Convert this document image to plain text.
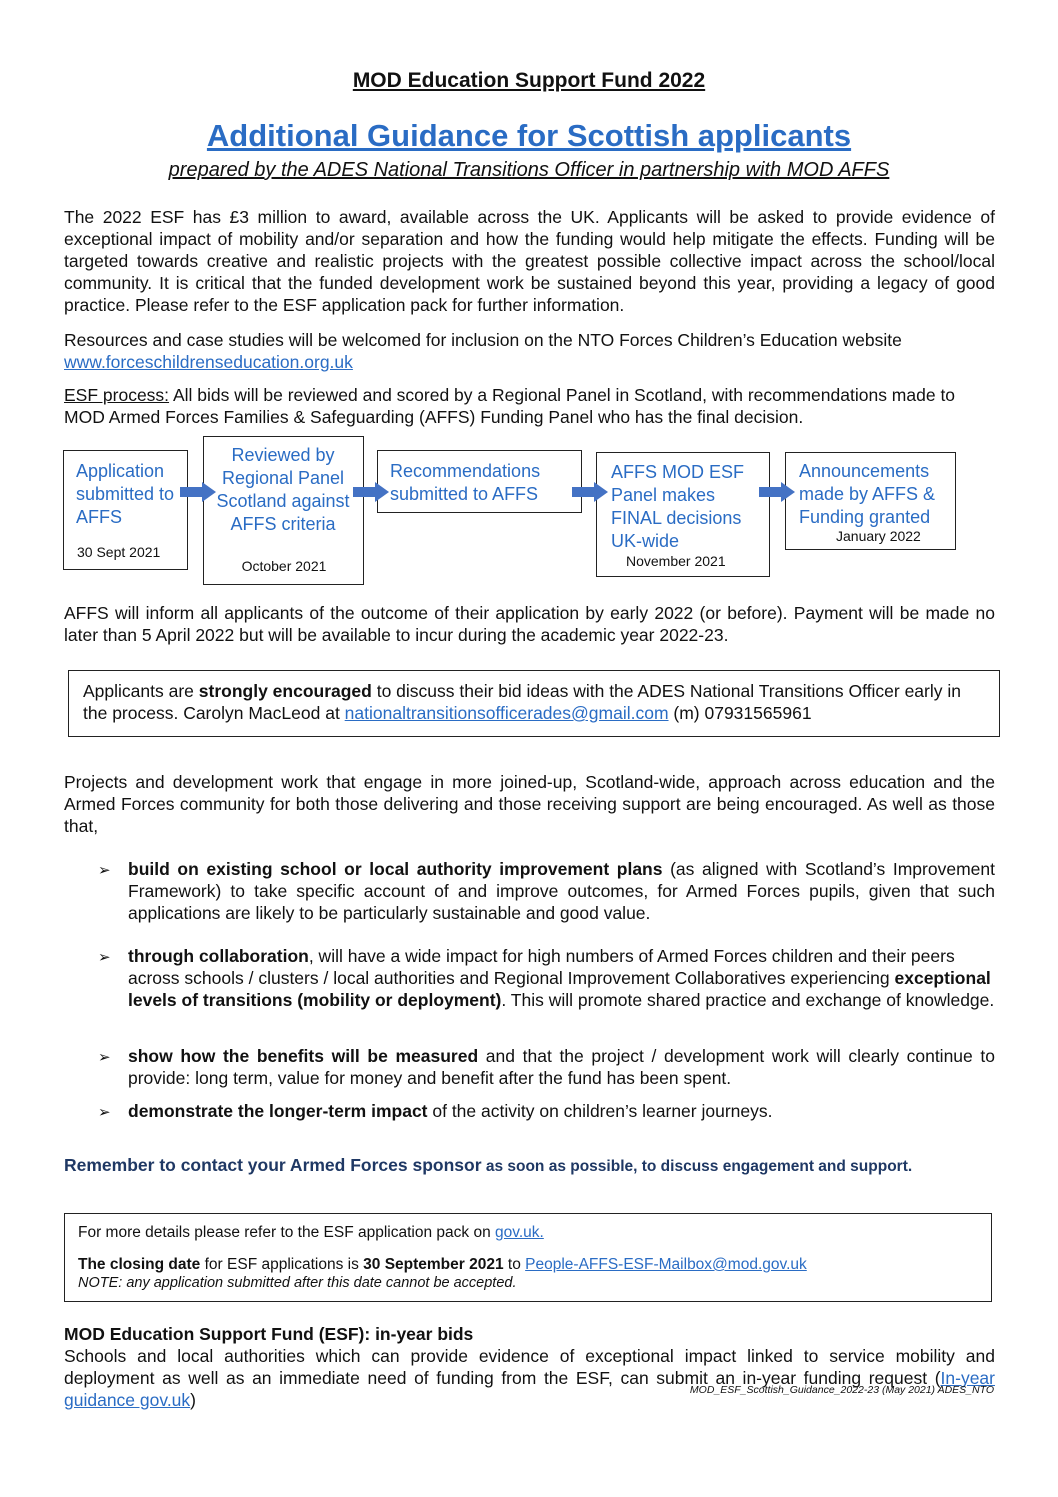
MOD Education Support Fund 2022
Additional Guidance for Scottish applicants
prepared by the ADES National Transitions Officer in partnership with MOD AFFS

The 2022 ESF has £3 million to award, available across the UK. Applicants will be asked to provide evidence of exceptional impact of mobility and/or separation and how the funding would help mitigate the effects. Funding will be targeted towards creative and realistic projects with the greatest possible collective impact across the school/local community. It is critical that the funded development work be sustained beyond this year, providing a legacy of good practice. Please refer to the ESF application pack for further information.

Resources and case studies will be welcomed for inclusion on the NTO Forces Children’s Education website
www.forceschildrenseducation.org.uk

ESF process: All bids will be reviewed and scored by a Regional Panel in Scotland, with recommendations made to MOD Armed Forces Families & Safeguarding (AFFS) Funding Panel who has the final decision.

Application submitted to AFFS
30 Sept 2021
Reviewed by Regional Panel Scotland against AFFS criteria
October 2021
Recommendations submitted to AFFS
AFFS MOD ESF Panel makes FINAL decisions UK-wide
November 2021
Announcements made by AFFS & Funding granted
January 2022

AFFS will inform all applicants of the outcome of their application by early 2022 (or before). Payment will be made no later than 5 April 2022 but will be available to incur during the academic year 2022-23.

Applicants are strongly encouraged to discuss their bid ideas with the ADES National Transitions Officer early in the process. Carolyn MacLeod at nationaltransitionsofficerades@gmail.com (m) 07931565961

Projects and development work that engage in more joined-up, Scotland-wide, approach across education and the Armed Forces community for both those delivering and those receiving support are being encouraged. As well as those that,

➢ build on existing school or local authority improvement plans (as aligned with Scotland’s Improvement Framework) to take specific account of and improve outcomes, for Armed Forces pupils, given that such applications are likely to be particularly sustainable and good value.

➢ through collaboration, will have a wide impact for high numbers of Armed Forces children and their peers across schools / clusters / local authorities and Regional Improvement Collaboratives experiencing exceptional levels of transitions (mobility or deployment). This will promote shared practice and exchange of knowledge.

➢ show how the benefits will be measured and that the project / development work will clearly continue to provide: long term, value for money and benefit after the fund has been spent.

➢ demonstrate the longer-term impact of the activity on children’s learner journeys.

Remember to contact your Armed Forces sponsor as soon as possible, to discuss engagement and support.

For more details please refer to the ESF application pack on gov.uk.

The closing date for ESF applications is 30 September 2021 to People-AFFS-ESF-Mailbox@mod.gov.uk

NOTE: any application submitted after this date cannot be accepted.

MOD Education Support Fund (ESF): in-year bids

Schools and local authorities which can provide evidence of exceptional impact linked to service mobility and deployment as well as an immediate need of funding from the ESF, can submit an in-year funding request (In-year guidance gov.uk)	MOD_ESF_Scottish_Guidance_2022-23 (May 2021) ADES_NTO
